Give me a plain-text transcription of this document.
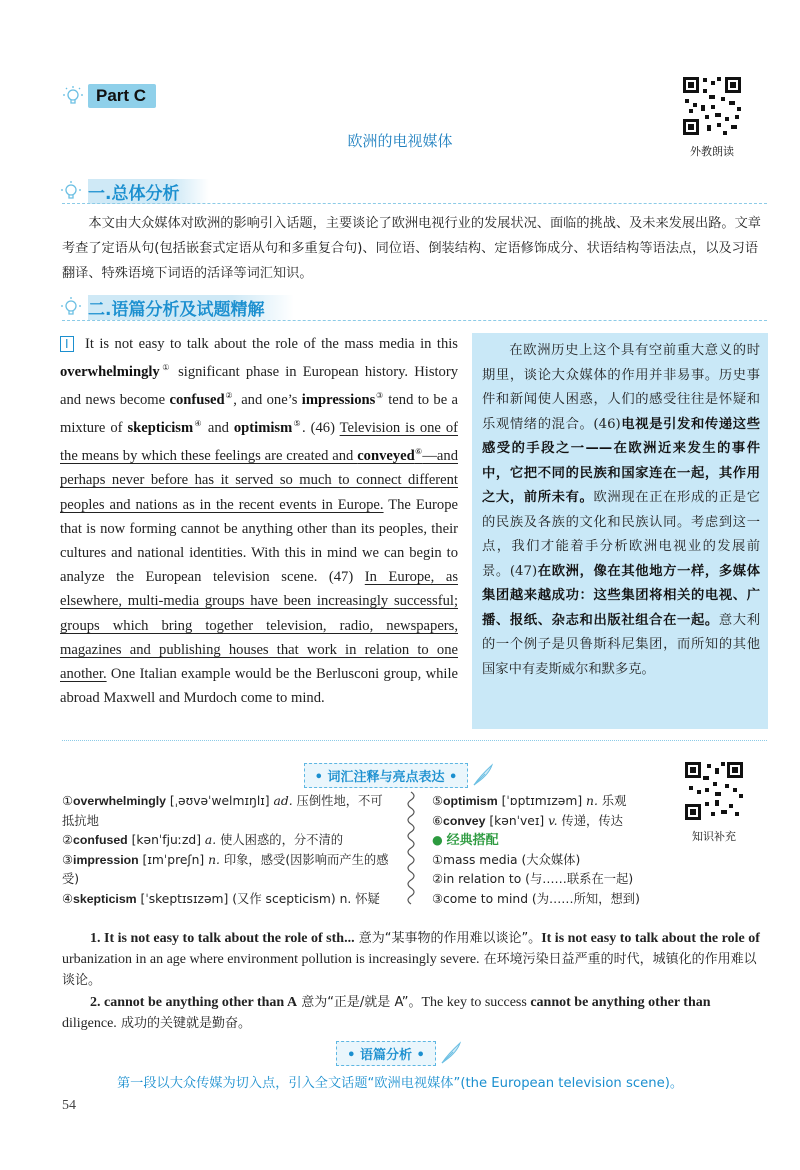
Part C
外教朗读
欧洲的电视媒体
一.总体分析
本文由大众媒体对欧洲的影响引入话题，主要谈论了欧洲电视行业的发展状况、面临的挑战、及未来发展出路。文章考查了定语从句(包括嵌套式定语从句和多重复合句)、同位语、倒装结构、定语修饰成分、状语结构等语法点，以及习语翻译、特殊语境下词语的活译等词汇知识。
二.语篇分析及试题精解
Ⅰ It is not easy to talk about the role of the mass media in this overwhelmingly① significant phase in European history. History and news become confused②, and one’s impressions③ tend to be a mixture of skepticism④ and optimism⑤. (46) Television is one of the means by which these feelings are created and conveyed⑥—and perhaps never before has it served so much to connect different peoples and nations as in the recent events in Europe. The Europe that is now forming cannot be anything other than its peoples, their cultures and national identities. With this in mind we can begin to analyze the European television scene. (47) In Europe, as elsewhere, multi-media groups have been increasingly successful; groups which bring together television, radio, newspapers, magazines and publishing houses that work in relation to one another. One Italian example would be the Berlusconi group, while abroad Maxwell and Murdoch come to mind.
在欧洲历史上这个具有空前重大意义的时期里，谈论大众媒体的作用并非易事。历史事件和新闻使人困惑，人们的感受往往是怀疑和乐观情绪的混合。(46)电视是引发和传递这些感受的手段之一——在欧洲近来发生的事件中，它把不同的民族和国家连在一起，其作用之大，前所未有。欧洲现在正在形成的正是它的民族及各族的文化和民族认同。考虑到这一点，我们才能着手分析欧洲电视业的发展前景。(47)在欧洲，像在其他地方一样，多媒体集团越来越成功：这些集团将相关的电视、广播、报纸、杂志和出版社组合在一起。意大利的一个例子是贝鲁斯科尼集团，而所知的其他国家中有麦斯威尔和默多克。
• 词汇注释与亮点表达 •
知识补充
①overwhelmingly [ˌəʊvəˈwelmɪŋlɪ] ad. 压倒性地，不可抵抗地
②confused [kənˈfjuːzd] a. 使人困惑的，分不清的
③impression [ɪmˈpreʃn] n. 印象，感受(因影响而产生的感受)
④skepticism [ˈskeptɪsɪzəm] (又作 scepticism) n. 怀疑
⑤optimism [ˈɒptɪmɪzəm] n. 乐观
⑥convey [kənˈveɪ] v. 传递，传达
● 经典搭配
①mass media (大众媒体)
②in relation to (与……联系在一起)
③come to mind (为……所知，想到)
1. It is not easy to talk about the role of sth... 意为“某事物的作用难以谈论”。It is not easy to talk about the role of urbanization in an age where environment pollution is increasingly severe. 在环境污染日益严重的时代，城镇化的作用难以谈论。
2. cannot be anything other than A 意为“正是/就是 A”。The key to success cannot be anything other than diligence. 成功的关键就是勤奋。
• 语篇分析 •
第一段以大众传媒为切入点，引入全文话题“欧洲电视媒体”(the European television scene)。
54
